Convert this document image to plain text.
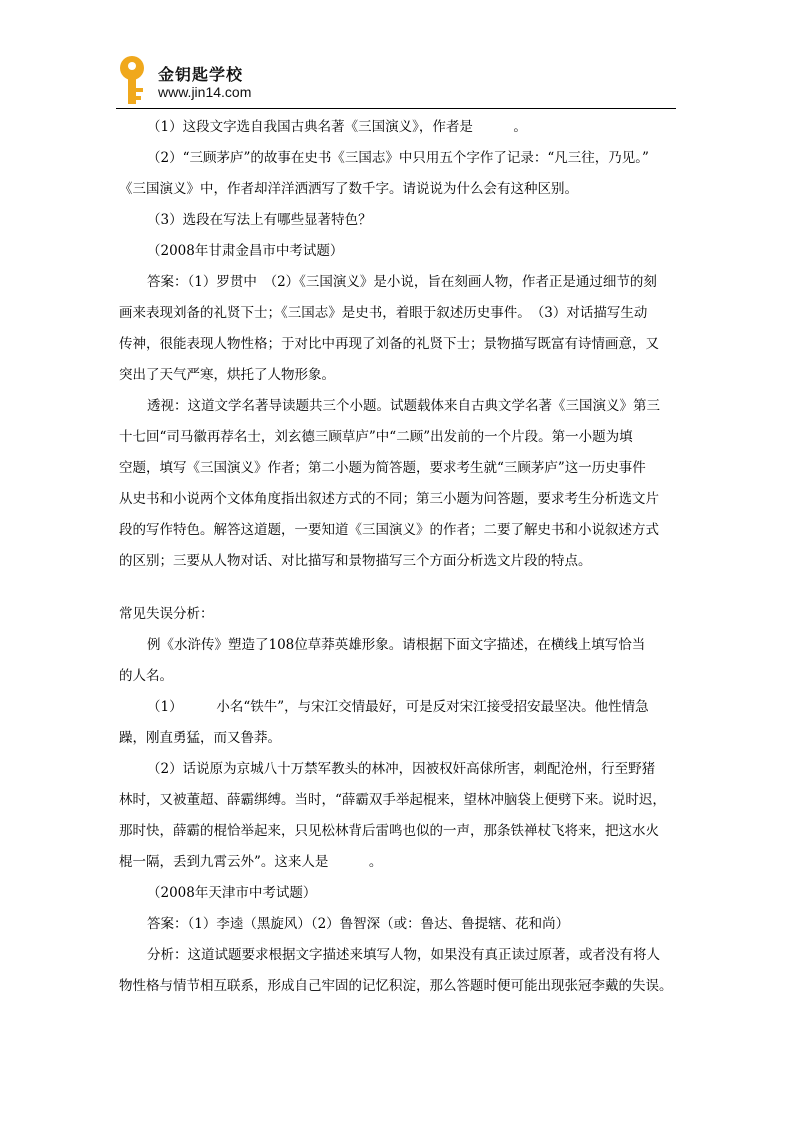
金钥匙学校
www.jin14.com

（1）这段文字选自我国古典名著《三国演义》，作者是　　　。

（2）“三顾茅庐”的故事在史书《三国志》中只用五个字作了记录：“凡三往，乃见。”

《三国演义》中，作者却洋洋洒洒写了数千字。请说说为什么会有这种区别。

（3）选段在写法上有哪些显著特色？

（2008年甘肃金昌市中考试题）

答案：（1）罗贯中　（2）《三国演义》是小说，旨在刻画人物，作者正是通过细节的刻

画来表现刘备的礼贤下士；《三国志》是史书，着眼于叙述历史事件。　（3）对话描写生动

传神，很能表现人物性格；于对比中再现了刘备的礼贤下士；景物描写既富有诗情画意，又

突出了天气严寒，烘托了人物形象。

透视：这道文学名著导读题共三个小题。试题载体来自古典文学名著《三国演义》第三

十七回“司马徽再荐名士，刘玄德三顾草庐”中“二顾”出发前的一个片段。第一小题为填

空题，填写《三国演义》作者；第二小题为简答题，要求考生就“三顾茅庐”这一历史事件

从史书和小说两个文体角度指出叙述方式的不同；第三小题为问答题，要求考生分析选文片

段的写作特色。解答这道题，一要知道《三国演义》的作者；二要了解史书和小说叙述方式

的区别；三要从人物对话、对比描写和景物描写三个方面分析选文片段的特点。

常见失误分析：

例《水浒传》塑造了108位草莽英雄形象。请根据下面文字描述，在横线上填写恰当

的人名。

（1）　　　小名“铁牛”，与宋江交情最好，可是反对宋江接受招安最坚决。他性情急

躁，刚直勇猛，而又鲁莽。

（2）话说原为京城八十万禁军教头的林冲，因被权奸高俅所害，刺配沧州，行至野猪

林时，又被董超、薛霸绑缚。当时，“薛霸双手举起棍来，望林冲脑袋上便劈下来。说时迟，

那时快，薛霸的棍恰举起来，只见松林背后雷鸣也似的一声，那条铁禅杖飞将来，把这水火

棍一隔，丢到九霄云外”。这来人是　　　。

（2008年天津市中考试题）

答案：（1）李逵（黑旋风）（2）鲁智深（或：鲁达、鲁提辖、花和尚）

分析：这道试题要求根据文字描述来填写人物，如果没有真正读过原著，或者没有将人

物性格与情节相互联系，形成自己牢固的记忆积淀，那么答题时便可能出现张冠李戴的失误。
